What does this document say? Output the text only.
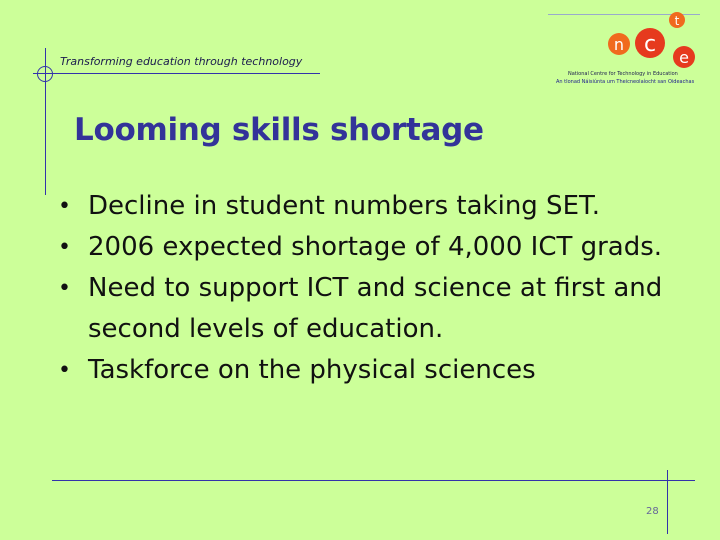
Transforming education through technology
n c
t
e
National Centre for Technology in Education
An tIonad Náisiúnta um Theicneolaíocht san Oideachas
Looming skills shortage
• Decline in student numbers taking SET.
• 2006 expected shortage of 4,000 ICT grads.
• Need to support ICT and science at first and second levels of education.
• Taskforce on the physical sciences
28
